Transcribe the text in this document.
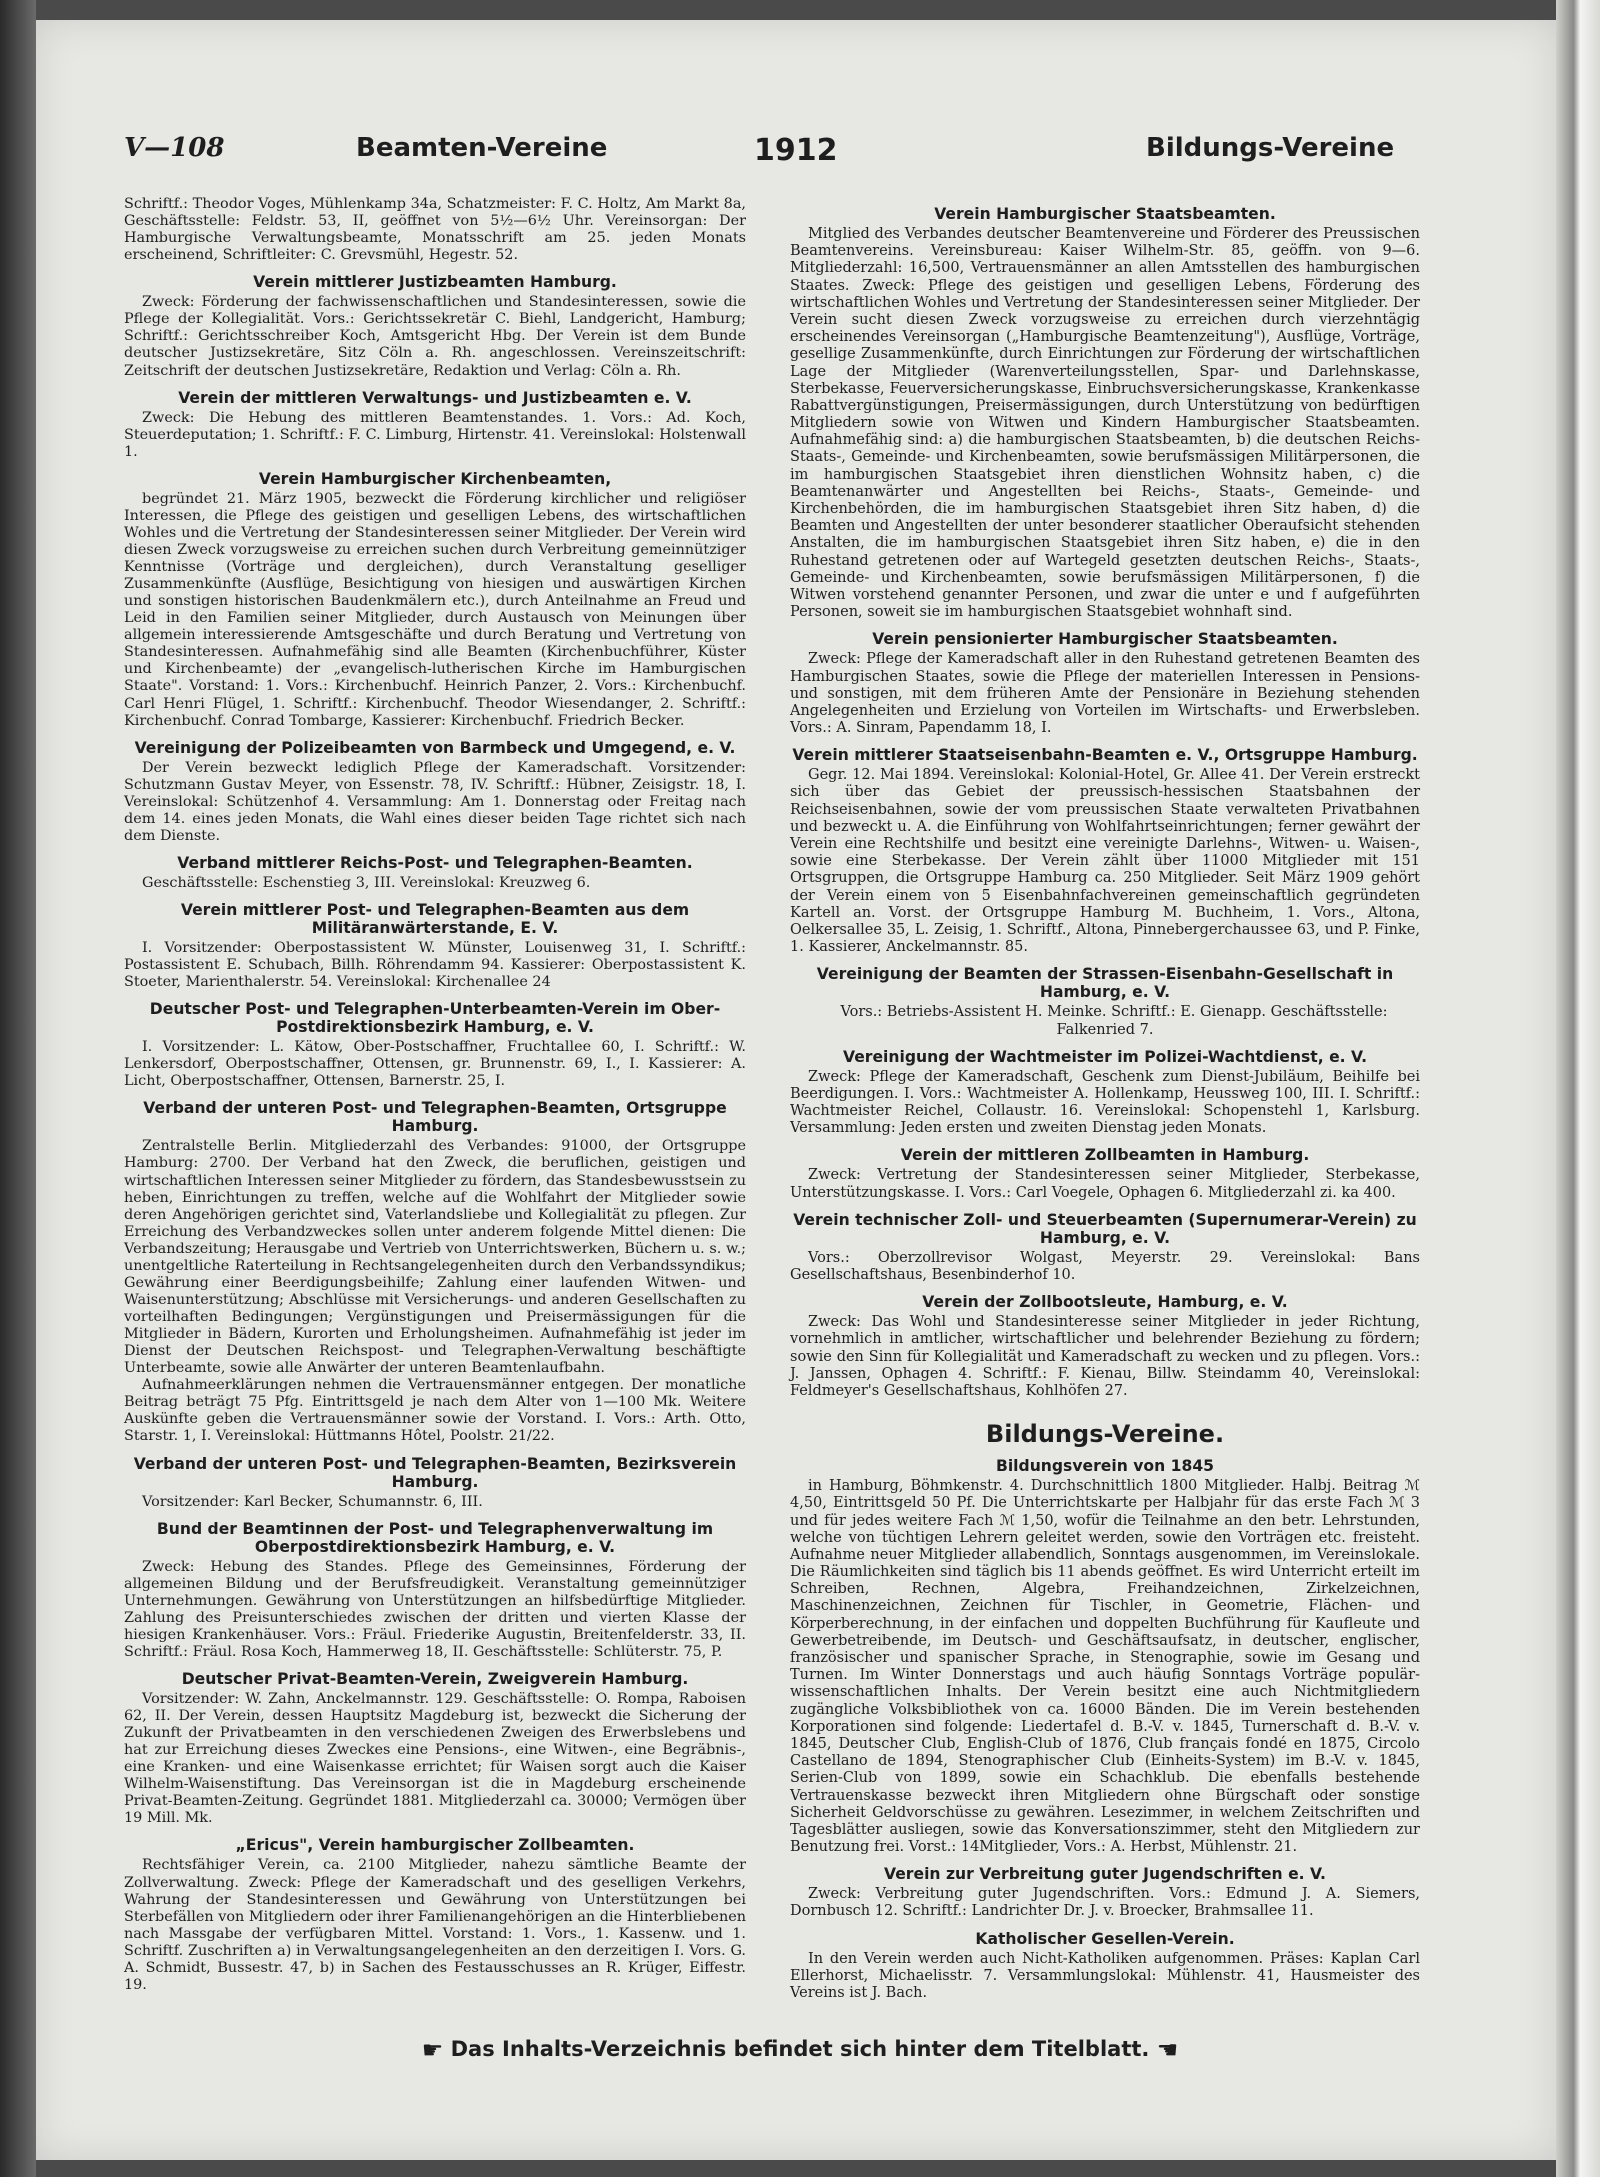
V—108	Beamten-Vereine	1912	Bildungs-Vereine

Schriftf.: Theodor Voges, Mühlenkamp 34a, Schatzmeister: F. C. Holtz, Am Markt 8a, Geschäftsstelle: Feldstr. 53, II, geöffnet von 5½—6½ Uhr. Vereinsorgan: Der Hamburgische Verwaltungsbeamte, Monatsschrift am 25. jeden Monats erscheinend, Schriftleiter: C. Grevsmühl, Hegestr. 52.

Verein mittlerer Justizbeamten Hamburg.

Zweck: Förderung der fachwissenschaftlichen und Standesinteressen, sowie die Pflege der Kollegialität. Vors.: Gerichtssekretär C. Biehl, Landgericht, Hamburg; Schriftf.: Gerichtsschreiber Koch, Amtsgericht Hbg. Der Verein ist dem Bunde deutscher Justizsekretäre, Sitz Cöln a. Rh. angeschlossen. Vereinszeitschrift: Zeitschrift der deutschen Justizsekretäre, Redaktion und Verlag: Cöln a. Rh.

Verein der mittleren Verwaltungs- und Justizbeamten e. V.

Zweck: Die Hebung des mittleren Beamtenstandes. 1. Vors.: Ad. Koch, Steuerdeputation; 1. Schriftf.: F. C. Limburg, Hirtenstr. 41. Vereinslokal: Holstenwall 1.

Verein Hamburgischer Kirchenbeamten,

begründet 21. März 1905, bezweckt die Förderung kirchlicher und religiöser Interessen, die Pflege des geistigen und geselligen Lebens, des wirtschaftlichen Wohles und die Vertretung der Standesinteressen seiner Mitglieder. Der Verein wird diesen Zweck vorzugsweise zu erreichen suchen durch Verbreitung gemeinnütziger Kenntnisse (Vorträge und dergleichen), durch Veranstaltung geselliger Zusammenkünfte (Ausflüge, Besichtigung von hiesigen und auswärtigen Kirchen und sonstigen historischen Baudenkmälern etc.), durch Anteilnahme an Freud und Leid in den Familien seiner Mitglieder, durch Austausch von Meinungen über allgemein interessierende Amtsgeschäfte und durch Beratung und Vertretung von Standesinteressen. Aufnahmefähig sind alle Beamten (Kirchenbuchführer, Küster und Kirchenbeamte) der „evangelisch-lutherischen Kirche im Hamburgischen Staate". Vorstand: 1. Vors.: Kirchenbuchf. Heinrich Panzer, 2. Vors.: Kirchenbuchf. Carl Henri Flügel, 1. Schriftf.: Kirchenbuchf. Theodor Wiesendanger, 2. Schriftf.: Kirchenbuchf. Conrad Tombarge, Kassierer: Kirchenbuchf. Friedrich Becker.

Vereinigung der Polizeibeamten von Barmbeck und Umgegend, e. V.

Der Verein bezweckt lediglich Pflege der Kameradschaft. Vorsitzender: Schutzmann Gustav Meyer, von Essenstr. 78, IV. Schriftf.: Hübner, Zeisigstr. 18, I. Vereinslokal: Schützenhof 4. Versammlung: Am 1. Donnerstag oder Freitag nach dem 14. eines jeden Monats, die Wahl eines dieser beiden Tage richtet sich nach dem Dienste.

Verband mittlerer Reichs-Post- und Telegraphen-Beamten.

Geschäftsstelle: Eschenstieg 3, III. Vereinslokal: Kreuzweg 6.

Verein mittlerer Post- und Telegraphen-Beamten aus dem Militäranwärterstande, E. V.

I. Vorsitzender: Oberpostassistent W. Münster, Louisenweg 31, I. Schriftf.: Postassistent E. Schubach, Billh. Röhrendamm 94. Kassierer: Oberpostassistent K. Stoeter, Marienthalerstr. 54. Vereinslokal: Kirchenallee 24

Deutscher Post- und Telegraphen-Unterbeamten-Verein im Ober-Postdirektionsbezirk Hamburg, e. V.

I. Vorsitzender: L. Kätow, Ober-Postschaffner, Fruchtallee 60, I. Schriftf.: W. Lenkersdorf, Oberpostschaffner, Ottensen, gr. Brunnenstr. 69, I., I. Kassierer: A. Licht, Oberpostschaffner, Ottensen, Barnerstr. 25, I.

Verband der unteren Post- und Telegraphen-Beamten, Ortsgruppe Hamburg.

Zentralstelle Berlin. Mitgliederzahl des Verbandes: 91000, der Ortsgruppe Hamburg: 2700. Der Verband hat den Zweck, die beruflichen, geistigen und wirtschaftlichen Interessen seiner Mitglieder zu fördern, das Standesbewusstsein zu heben, Einrichtungen zu treffen, welche auf die Wohlfahrt der Mitglieder sowie deren Angehörigen gerichtet sind, Vaterlandsliebe und Kollegialität zu pflegen. Zur Erreichung des Verbandzweckes sollen unter anderem folgende Mittel dienen: Die Verbandszeitung; Herausgabe und Vertrieb von Unterrichtswerken, Büchern u. s. w.; unentgeltliche Raterteilung in Rechtsangelegenheiten durch den Verbandssyndikus; Gewährung einer Beerdigungsbeihilfe; Zahlung einer laufenden Witwen- und Waisenunterstützung; Abschlüsse mit Versicherungs- und anderen Gesellschaften zu vorteilhaften Bedingungen; Vergünstigungen und Preisermässigungen für die Mitglieder in Bädern, Kurorten und Erholungsheimen. Aufnahmefähig ist jeder im Dienst der Deutschen Reichspost- und Telegraphen-Verwaltung beschäftigte Unterbeamte, sowie alle Anwärter der unteren Beamtenlaufbahn.

Aufnahmeerklärungen nehmen die Vertrauensmänner entgegen. Der monatliche Beitrag beträgt 75 Pfg. Eintrittsgeld je nach dem Alter von 1—100 Mk. Weitere Auskünfte geben die Vertrauensmänner sowie der Vorstand. I. Vors.: Arth. Otto, Starstr. 1, I. Vereinslokal: Hüttmanns Hôtel, Poolstr. 21/22.

Verband der unteren Post- und Telegraphen-Beamten, Bezirksverein Hamburg.

Vorsitzender: Karl Becker, Schumannstr. 6, III.

Bund der Beamtinnen der Post- und Telegraphenverwaltung im Oberpostdirektionsbezirk Hamburg, e. V.

Zweck: Hebung des Standes. Pflege des Gemeinsinnes, Förderung der allgemeinen Bildung und der Berufsfreudigkeit. Veranstaltung gemeinnütziger Unternehmungen. Gewährung von Unterstützungen an hilfsbedürftige Mitglieder. Zahlung des Preisunterschiedes zwischen der dritten und vierten Klasse der hiesigen Krankenhäuser. Vors.: Fräul. Friederike Augustin, Breitenfelderstr. 33, II. Schriftf.: Fräul. Rosa Koch, Hammerweg 18, II. Geschäftsstelle: Schlüterstr. 75, P.

Deutscher Privat-Beamten-Verein, Zweigverein Hamburg.

Vorsitzender: W. Zahn, Anckelmannstr. 129. Geschäftsstelle: O. Rompa, Raboisen 62, II. Der Verein, dessen Hauptsitz Magdeburg ist, bezweckt die Sicherung der Zukunft der Privatbeamten in den verschiedenen Zweigen des Erwerbslebens und hat zur Erreichung dieses Zweckes eine Pensions-, eine Witwen-, eine Begräbnis-, eine Kranken- und eine Waisenkasse errichtet; für Waisen sorgt auch die Kaiser Wilhelm-Waisenstiftung. Das Vereinsorgan ist die in Magdeburg erscheinende Privat-Beamten-Zeitung. Gegründet 1881. Mitgliederzahl ca. 30000; Vermögen über 19 Mill. Mk.

„Ericus", Verein hamburgischer Zollbeamten.

Rechtsfähiger Verein, ca. 2100 Mitglieder, nahezu sämtliche Beamte der Zollverwaltung. Zweck: Pflege der Kameradschaft und des geselligen Verkehrs, Wahrung der Standesinteressen und Gewährung von Unterstützungen bei Sterbefällen von Mitgliedern oder ihrer Familienangehörigen an die Hinterbliebenen nach Massgabe der verfügbaren Mittel. Vorstand: 1. Vors., 1. Kassenw. und 1. Schriftf. Zuschriften a) in Verwaltungsangelegenheiten an den derzeitigen I. Vors. G. A. Schmidt, Bussestr. 47, b) in Sachen des Festausschusses an R. Krüger, Eiffestr. 19.

Verein Hamburgischer Staatsbeamten.

Mitglied des Verbandes deutscher Beamtenvereine und Förderer des Preussischen Beamtenvereins. Vereinsbureau: Kaiser Wilhelm-Str. 85, geöffn. von 9—6. Mitgliederzahl: 16,500, Vertrauensmänner an allen Amtsstellen des hamburgischen Staates. Zweck: Pflege des geistigen und geselligen Lebens, Förderung des wirtschaftlichen Wohles und Vertretung der Standesinteressen seiner Mitglieder. Der Verein sucht diesen Zweck vorzugsweise zu erreichen durch vierzehntägig erscheinendes Vereinsorgan („Hamburgische Beamtenzeitung"), Ausflüge, Vorträge, gesellige Zusammenkünfte, durch Einrichtungen zur Förderung der wirtschaftlichen Lage der Mitglieder (Warenverteilungsstellen, Spar- und Darlehnskasse, Sterbekasse, Feuerversicherungskasse, Einbruchsversicherungskasse, Krankenkasse Rabattvergünstigungen, Preisermässigungen, durch Unterstützung von bedürftigen Mitgliedern sowie von Witwen und Kindern Hamburgischer Staatsbeamten. Aufnahmefähig sind: a) die hamburgischen Staatsbeamten, b) die deutschen Reichs- Staats-, Gemeinde- und Kirchenbeamten, sowie berufsmässigen Militärpersonen, die im hamburgischen Staatsgebiet ihren dienstlichen Wohnsitz haben, c) die Beamtenanwärter und Angestellten bei Reichs-, Staats-, Gemeinde- und Kirchenbehörden, die im hamburgischen Staatsgebiet ihren Sitz haben, d) die Beamten und Angestellten der unter besonderer staatlicher Oberaufsicht stehenden Anstalten, die im hamburgischen Staatsgebiet ihren Sitz haben, e) die in den Ruhestand getretenen oder auf Wartegeld gesetzten deutschen Reichs-, Staats-, Gemeinde- und Kirchenbeamten, sowie berufsmässigen Militärpersonen, f) die Witwen vorstehend genannter Personen, und zwar die unter e und f aufgeführten Personen, soweit sie im hamburgischen Staatsgebiet wohnhaft sind.

Verein pensionierter Hamburgischer Staatsbeamten.

Zweck: Pflege der Kameradschaft aller in den Ruhestand getretenen Beamten des Hamburgischen Staates, sowie die Pflege der materiellen Interessen in Pensions- und sonstigen, mit dem früheren Amte der Pensionäre in Beziehung stehenden Angelegenheiten und Erzielung von Vorteilen im Wirtschafts- und Erwerbsleben. Vors.: A. Sinram, Papendamm 18, I.

Verein mittlerer Staatseisenbahn-Beamten e. V., Ortsgruppe Hamburg.

Gegr. 12. Mai 1894. Vereinslokal: Kolonial-Hotel, Gr. Allee 41. Der Verein erstreckt sich über das Gebiet der preussisch-hessischen Staatsbahnen der Reichseisenbahnen, sowie der vom preussischen Staate verwalteten Privatbahnen und bezweckt u. A. die Einführung von Wohlfahrtseinrichtungen; ferner gewährt der Verein eine Rechtshilfe und besitzt eine vereinigte Darlehns-, Witwen- u. Waisen-, sowie eine Sterbekasse. Der Verein zählt über 11000 Mitglieder mit 151 Ortsgruppen, die Ortsgruppe Hamburg ca. 250 Mitglieder. Seit März 1909 gehört der Verein einem von 5 Eisenbahnfachvereinen gemeinschaftlich gegründeten Kartell an. Vorst. der Ortsgruppe Hamburg M. Buchheim, 1. Vors., Altona, Oelkersallee 35, L. Zeisig, 1. Schriftf., Altona, Pinnebergerchaussee 63, und P. Finke, 1. Kassierer, Anckelmannstr. 85.

Vereinigung der Beamten der Strassen-Eisenbahn-Gesellschaft in Hamburg, e. V.

Vors.: Betriebs-Assistent H. Meinke. Schriftf.: E. Gienapp. Geschäftsstelle: Falkenried 7.

Vereinigung der Wachtmeister im Polizei-Wachtdienst, e. V.

Zweck: Pflege der Kameradschaft, Geschenk zum Dienst-Jubiläum, Beihilfe bei Beerdigungen. I. Vors.: Wachtmeister A. Hollenkamp, Heussweg 100, III. I. Schriftf.: Wachtmeister Reichel, Collaustr. 16. Vereinslokal: Schopenstehl 1, Karlsburg. Versammlung: Jeden ersten und zweiten Dienstag jeden Monats.

Verein der mittleren Zollbeamten in Hamburg.

Zweck: Vertretung der Standesinteressen seiner Mitglieder, Sterbekasse, Unterstützungskasse. I. Vors.: Carl Voegele, Ophagen 6. Mitgliederzahl zi. ka 400.

Verein technischer Zoll- und Steuerbeamten (Supernumerar-Verein) zu Hamburg, e. V.

Vors.: Oberzollrevisor Wolgast, Meyerstr. 29. Vereinslokal: Bans Gesellschaftshaus, Besenbinderhof 10.

Verein der Zollbootsleute, Hamburg, e. V.

Zweck: Das Wohl und Standesinteresse seiner Mitglieder in jeder Richtung, vornehmlich in amtlicher, wirtschaftlicher und belehrender Beziehung zu fördern; sowie den Sinn für Kollegialität und Kameradschaft zu wecken und zu pflegen. Vors.: J. Janssen, Ophagen 4. Schriftf.: F. Kienau, Billw. Steindamm 40, Vereinslokal: Feldmeyer's Gesellschaftshaus, Kohlhöfen 27.

Bildungs-Vereine.
Bildungsverein von 1845

in Hamburg, Böhmkenstr. 4. Durchschnittlich 1800 Mitglieder. Halbj. Beitrag ℳ 4,50, Eintrittsgeld 50 Pf. Die Unterrichtskarte per Halbjahr für das erste Fach ℳ 3 und für jedes weitere Fach ℳ 1,50, wofür die Teilnahme an den betr. Lehrstunden, welche von tüchtigen Lehrern geleitet werden, sowie den Vorträgen etc. freisteht. Aufnahme neuer Mitglieder allabendlich, Sonntags ausgenommen, im Vereinslokale. Die Räumlichkeiten sind täglich bis 11 abends geöffnet. Es wird Unterricht erteilt im Schreiben, Rechnen, Algebra, Freihandzeichnen, Zirkelzeichnen, Maschinenzeichnen, Zeichnen für Tischler, in Geometrie, Flächen- und Körperberechnung, in der einfachen und doppelten Buchführung für Kaufleute und Gewerbetreibende, im Deutsch- und Geschäftsaufsatz, in deutscher, englischer, französischer und spanischer Sprache, in Stenographie, sowie im Gesang und Turnen. Im Winter Donnerstags und auch häufig Sonntags Vorträge populär-wissenschaftlichen Inhalts. Der Verein besitzt eine auch Nichtmitgliedern zugängliche Volksbibliothek von ca. 16000 Bänden. Die im Verein bestehenden Korporationen sind folgende: Liedertafel d. B.-V. v. 1845, Turnerschaft d. B.-V. v. 1845, Deutscher Club, English-Club of 1876, Club français fondé en 1875, Circolo Castellano de 1894, Stenographischer Club (Einheits-System) im B.-V. v. 1845, Serien-Club von 1899, sowie ein Schachklub. Die ebenfalls bestehende Vertrauenskasse bezweckt ihren Mitgliedern ohne Bürgschaft oder sonstige Sicherheit Geldvorschüsse zu gewähren. Lesezimmer, in welchem Zeitschriften und Tagesblätter ausliegen, sowie das Konversationszimmer, steht den Mitgliedern zur Benutzung frei. Vorst.: 14Mitglieder, Vors.: A. Herbst, Mühlenstr. 21.

Verein zur Verbreitung guter Jugendschriften e. V.

Zweck: Verbreitung guter Jugendschriften. Vors.: Edmund J. A. Siemers, Dornbusch 12. Schriftf.: Landrichter Dr. J. v. Broecker, Brahmsallee 11.

Katholischer Gesellen-Verein.

In den Verein werden auch Nicht-Katholiken aufgenommen. Präses: Kaplan Carl Ellerhorst, Michaelisstr. 7. Versammlungslokal: Mühlenstr. 41, Hausmeister des Vereins ist J. Bach.

☛ Das Inhalts-Verzeichnis befindet sich hinter dem Titelblatt. ☚
